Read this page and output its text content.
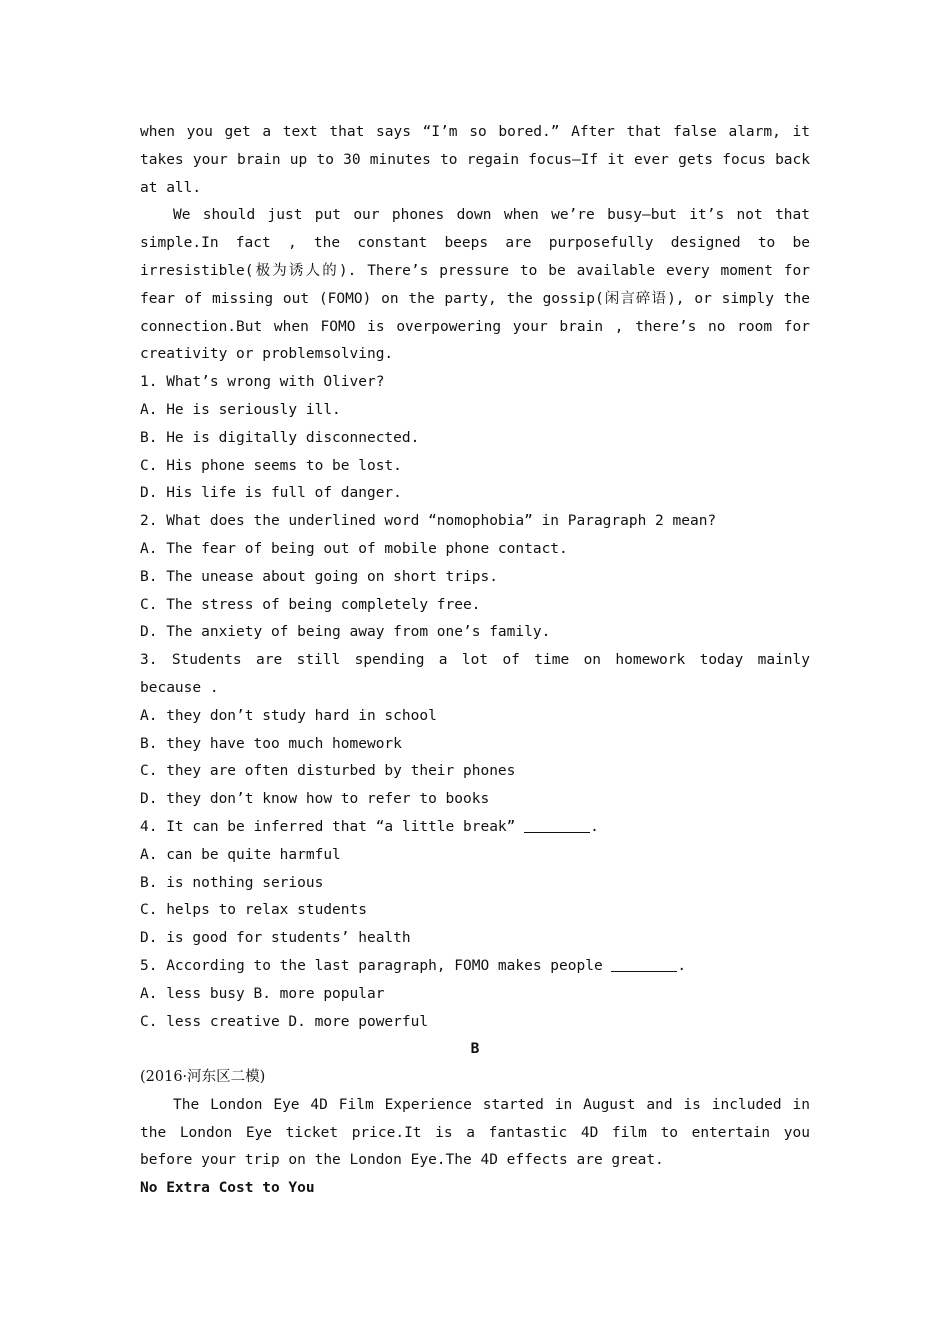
when you get a text that says “I’m so bored.” After that false alarm, it takes your brain up to 30 minutes to regain focus—If it ever gets focus back at all.

We should just put our phones down when we’re busy—but it’s not that simple.In fact , the constant beeps are purposefully designed to be irresistible(极为诱人的). There’s pressure to be available every moment for fear of missing out (FOMO) on the party, the gossip(闲言碎语), or simply the connection.But when FOMO is overpowering your brain , there’s no room for creativity or problemsolving.

1. What’s wrong with Oliver?

A. He is seriously ill.

B. He is digitally disconnected.

C. His phone seems to be lost.

D. His life is full of danger.

2. What does the underlined word “nomophobia” in Paragraph 2 mean?

A. The fear of being out of mobile phone contact.

B. The unease about going on short trips.

C. The stress of being completely free.

D. The anxiety of being away from one’s family.

3. Students are still spending a lot of time on homework today mainly because .

A. they don’t study hard in school

B. they have too much homework

C. they are often disturbed by their phones

D. they don’t know how to refer to books

4. It can be inferred that “a little break”	.

A. can be quite harmful

B. is nothing serious

C. helps to relax students

D. is good for students’ health

5. According to the last paragraph, FOMO makes people	.

A. less busy B. more popular

C. less creative D. more powerful

B

(2016·河东区二模)

The London Eye 4D Film Experience started in August and is included in the London Eye ticket price.It is a fantastic 4D film to entertain you before your trip on the London Eye.The 4D effects are great.

No Extra Cost to You
